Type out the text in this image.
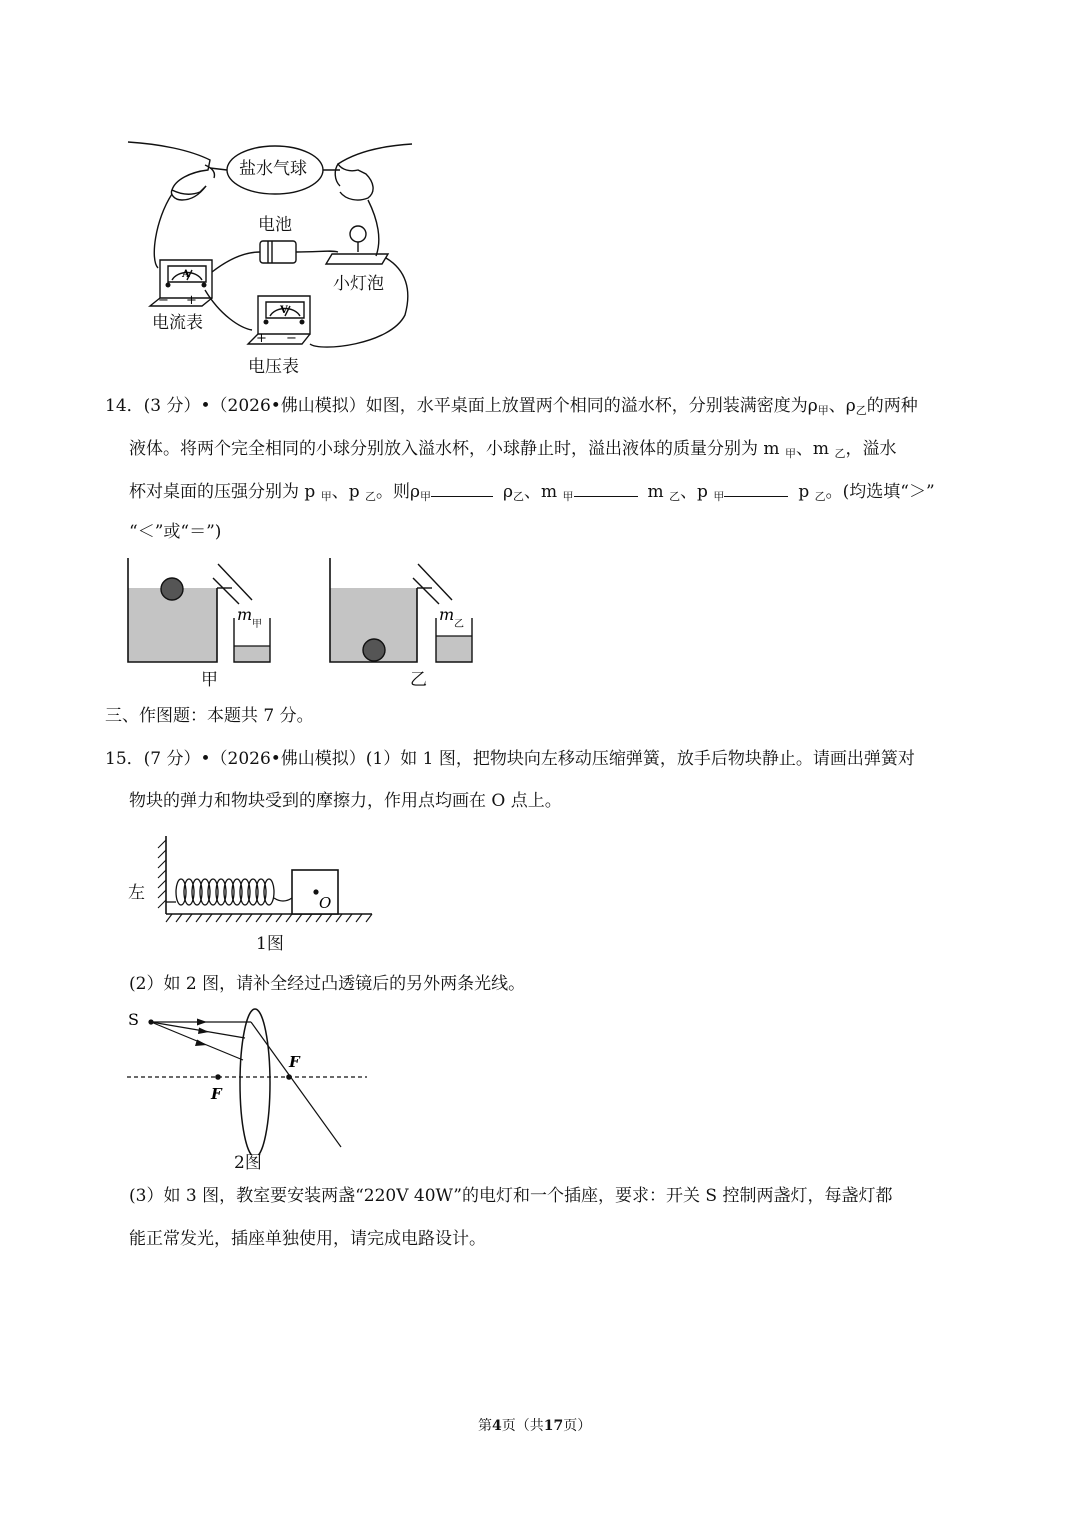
A
V
− +
+ −
盐水气球
电池
小灯泡
电流表
电压表
14．(3 分）•（2026•佛山模拟）如图，水平桌面上放置两个相同的溢水杯，分别装满密度为ρ甲、ρ乙的两种
液体。将两个完全相同的小球分别放入溢水杯，小球静止时，溢出液体的质量分别为 m 甲、m 乙，溢水
杯对桌面的压强分别为 p 甲、p 乙。则ρ甲	ρ乙、m 甲	m 乙、p 甲	p 乙。(均选填“＞”
“＜”或“＝”)
m
甲
m
乙
甲	乙
三、作图题：本题共 7 分。
15．(7 分）•（2026•佛山模拟）(1）如 1 图，把物块向左移动压缩弹簧，放手后物块静止。请画出弹簧对
物块的弹力和物块受到的摩擦力，作用点均画在 O 点上。
O
左
1图
(2）如 2 图，请补全经过凸透镜后的另外两条光线。
S
F
F
2图
(3）如 3 图，教室要安装两盏“220V 40W”的电灯和一个插座，要求：开关 S 控制两盏灯，每盏灯都
能正常发光，插座单独使用，请完成电路设计。
第4页（共17页）
